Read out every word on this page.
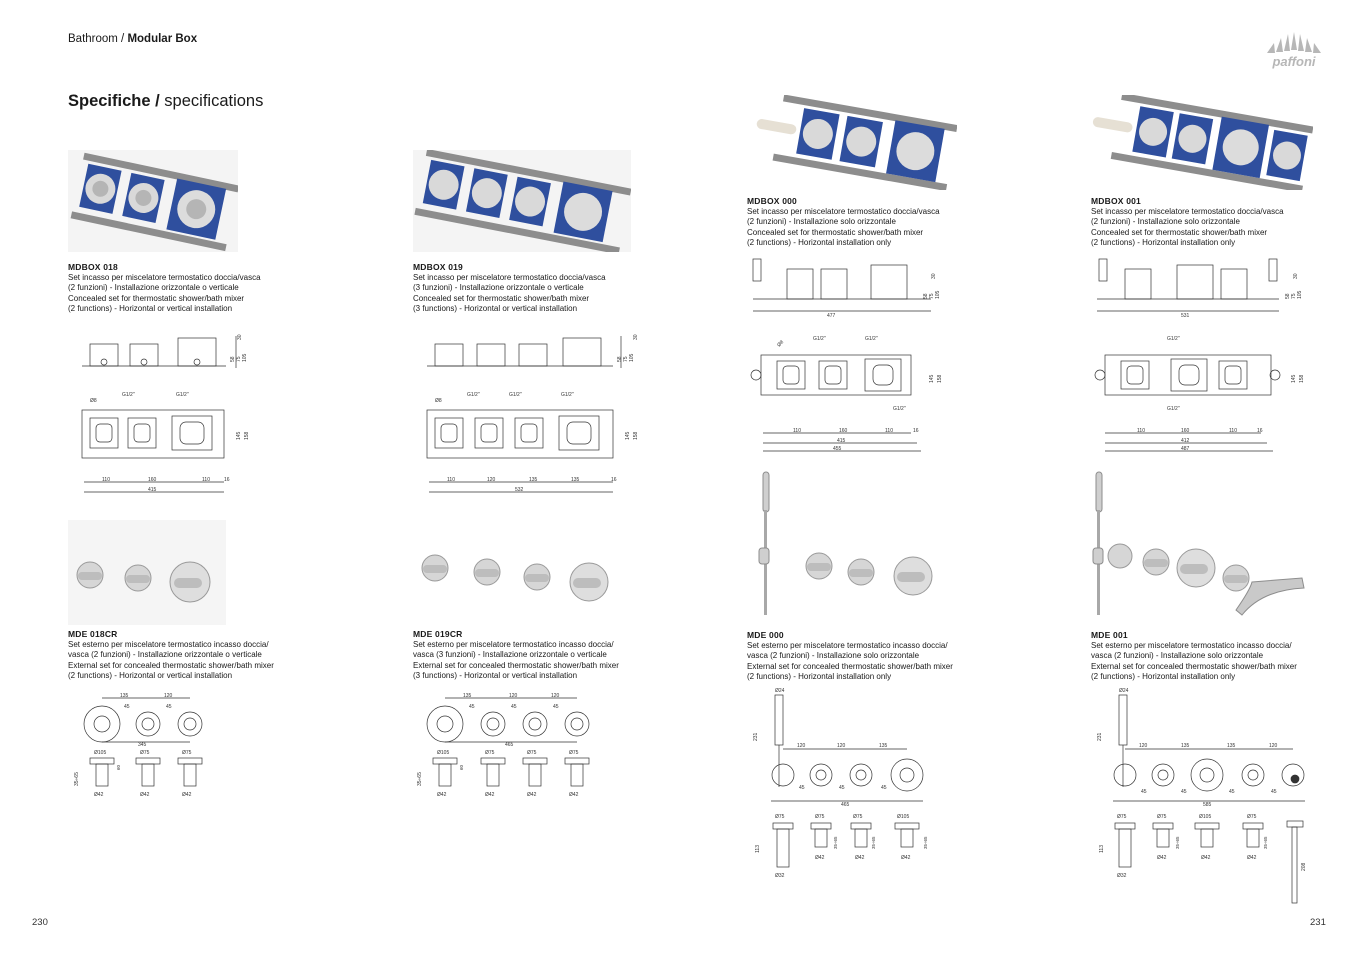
Bathroom / Modular Box
Specifiche / specifications
paffoni
230	231
MDBOX 018
Set incasso per miscelatore termostatico doccia/vasca
(2 funzioni) - Installazione orizzontale o verticale
Concealed set for thermostatic shower/bath mixer
(2 functions) - Horizontal or vertical installation
MDBOX 019
Set incasso per miscelatore termostatico doccia/vasca
(3 funzioni) - Installazione orizzontale o verticale
Concealed set for thermostatic shower/bath mixer
(3 functions) - Horizontal or vertical installation
MDBOX 000
Set incasso per miscelatore termostatico doccia/vasca
(2 funzioni) - Installazione solo orizzontale
Concealed set for thermostatic shower/bath mixer
(2 functions) - Horizontal installation only
MDBOX 001
Set incasso per miscelatore termostatico doccia/vasca
(2 funzioni) - Installazione solo orizzontale
Concealed set for thermostatic shower/bath mixer
(2 functions) - Horizontal installation only
MDE 018CR
Set esterno per miscelatore termostatico incasso doccia/
vasca (2 funzioni) - Installazione orizzontale o verticale
External set for concealed thermostatic shower/bath mixer
(2 functions) - Horizontal or vertical installation
MDE 019CR
Set esterno per miscelatore termostatico incasso doccia/
vasca (3 funzioni) - Installazione orizzontale o verticale
External set for concealed thermostatic shower/bath mixer
(3 functions) - Horizontal or vertical installation
MDE 000
Set esterno per miscelatore termostatico incasso doccia/
vasca (2 funzioni) - Installazione solo orizzontale
External set for concealed thermostatic shower/bath mixer
(2 functions) - Horizontal installation only
MDE 001
Set esterno per miscelatore termostatico incasso doccia/
vasca (2 funzioni) - Installazione solo orizzontale
External set for concealed thermostatic shower/bath mixer
(2 functions) - Horizontal installation only
30
58 75 105
110	160	110
415
16
G1/2"	G1/2"
145 158
Ø8
30
58 75 105
110	120	135	135
532
16
G1/2"	G1/2"	G1/2"
145 158
Ø8
477
30
58 75 105
110	160	110	16
415
455
G1/2"	G1/2"
G1/2"
Ø8
145 158
531
30
58 75 105
110	160	110	16
412
487
G1/2"
G1/2"
145 158
135	120
45	45
345
Ø105	Ø75	Ø75
Ø42	Ø42	Ø42
35÷65
60
135	120	120
45	45	45
465
Ø105	Ø75	Ø75	Ø75
Ø42	Ø42	Ø42	Ø42
35÷65
60
Ø24
231
120	120	135
45	45	45
465
Ø75	Ø75	Ø75	Ø105
113
Ø32
Ø42	Ø42	Ø42
35÷65	35÷65	35÷65
Ø24
231
120	135	135	120
45	45	45	45
585
Ø75	Ø75	Ø105	Ø75
113
Ø32
Ø42	Ø42	Ø42
35÷65	35÷65
208
